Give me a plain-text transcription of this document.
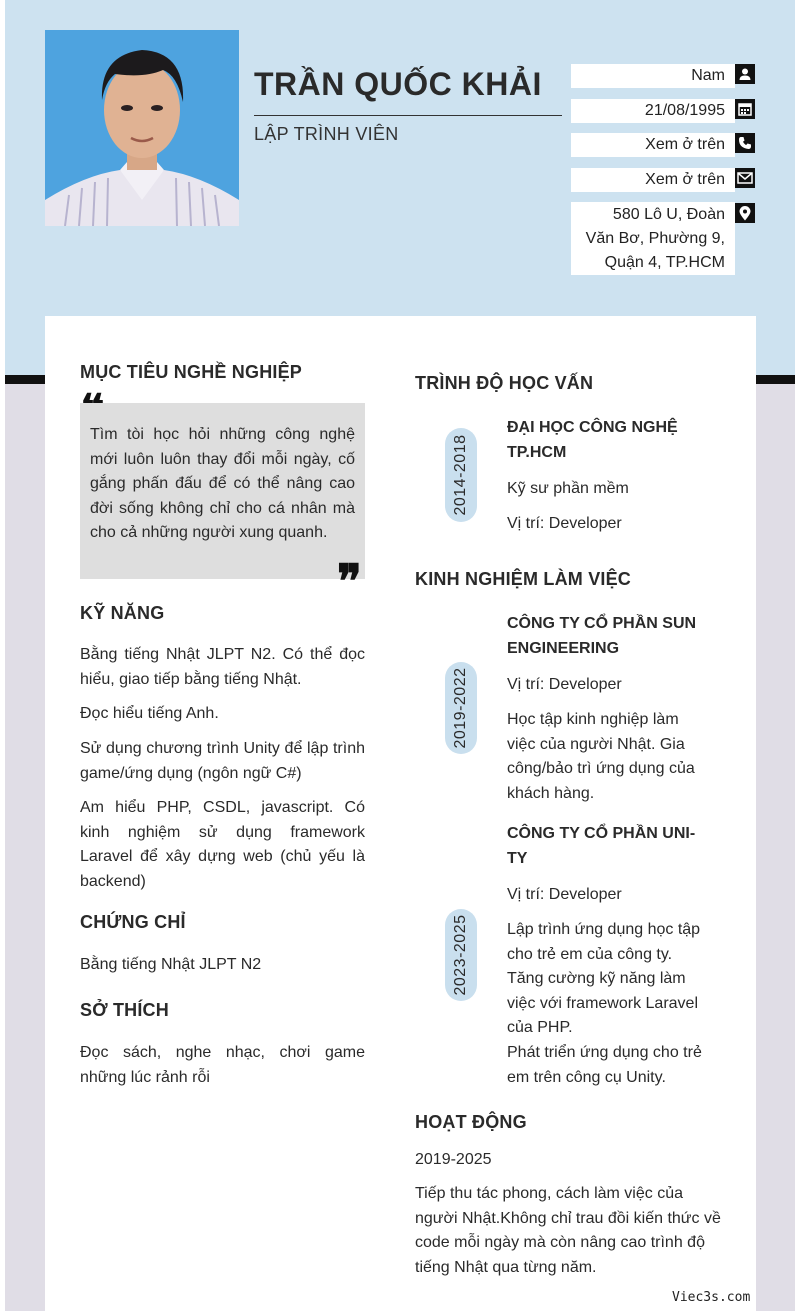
TRẦN QUỐC KHẢI
LẬP TRÌNH VIÊN
Nam
21/08/1995
Xem ở trên
Xem ở trên
580 Lô U, Đoàn Văn Bơ, Phường 9, Quận 4, TP.HCM
MỤC TIÊU NGHỀ NGHIỆP
Tìm tòi học hỏi những công nghệ mới luôn luôn thay đổi mỗi ngày, cố gắng phấn đấu để có thể nâng cao đời sống không chỉ cho cá nhân mà cho cả những người xung quanh.
❞
KỸ NĂNG

Bằng tiếng Nhật JLPT N2. Có thể đọc hiểu, giao tiếp bằng tiếng Nhật.

Đọc hiểu tiếng Anh.

Sử dụng chương trình Unity để lập trình game/ứng dụng (ngôn ngữ C#)

Am hiểu PHP, CSDL, javascript. Có kinh nghiệm sử dụng framework Laravel để xây dựng web (chủ yếu là backend)

CHỨNG CHỈ

Bằng tiếng Nhật JLPT N2

SỞ THÍCH

Đọc sách, nghe nhạc, chơi game những lúc rảnh rỗi

TRÌNH ĐỘ HỌC VẤN
2014-2018

ĐẠI HỌC CÔNG NGHỆ TP.HCM

Kỹ sư phần mềm

Vị trí: Developer

KINH NGHIỆM LÀM VIỆC
2019-2022

CÔNG TY CỔ PHẦN SUN ENGINEERING

Vị trí: Developer

Học tập kinh nghiệp làm việc của người Nhật. Gia công/bảo trì ứng dụng của khách hàng.

2023-2025

CÔNG TY CỔ PHẦN UNI-TY

Vị trí: Developer

Lập trình ứng dụng học tập cho trẻ em của công ty. Tăng cường kỹ năng làm việc với framework Laravel của PHP.

Phát triển ứng dụng cho trẻ em trên công cụ Unity.

HOẠT ĐỘNG

2019-2025

Tiếp thu tác phong, cách làm việc của người Nhật.Không chỉ trau đồi kiến thức về code mỗi ngày mà còn nâng cao trình độ tiếng Nhật qua từng năm.

Viec3s.com
